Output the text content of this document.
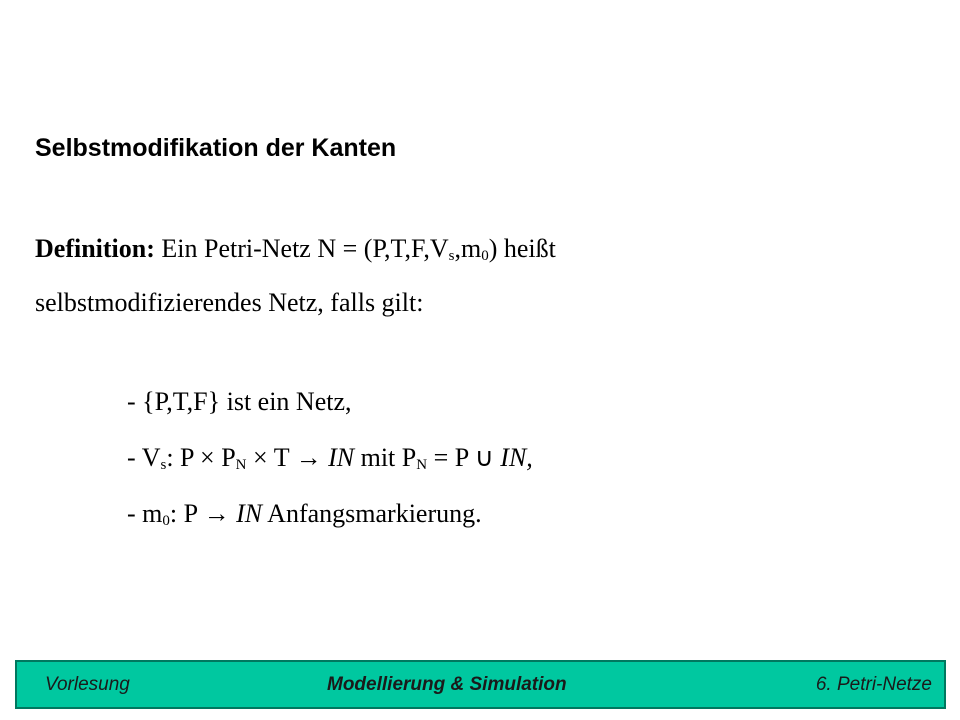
Selbstmodifikation der Kanten
Definition: Ein Petri-Netz $N = (P,T,F,V_s,m_0)$ heißt
selbstmodifizierendes Netz, falls gilt:
- {P,T,F} ist ein Netz,
- $V_s$: $P \times P_N \times T$ → IN mit $P_N = P$ ∪ IN,
- $m_0$: P → IN Anfangsmarkierung.
Vorlesung	Modellierung & Simulation	6. Petri-Netze
